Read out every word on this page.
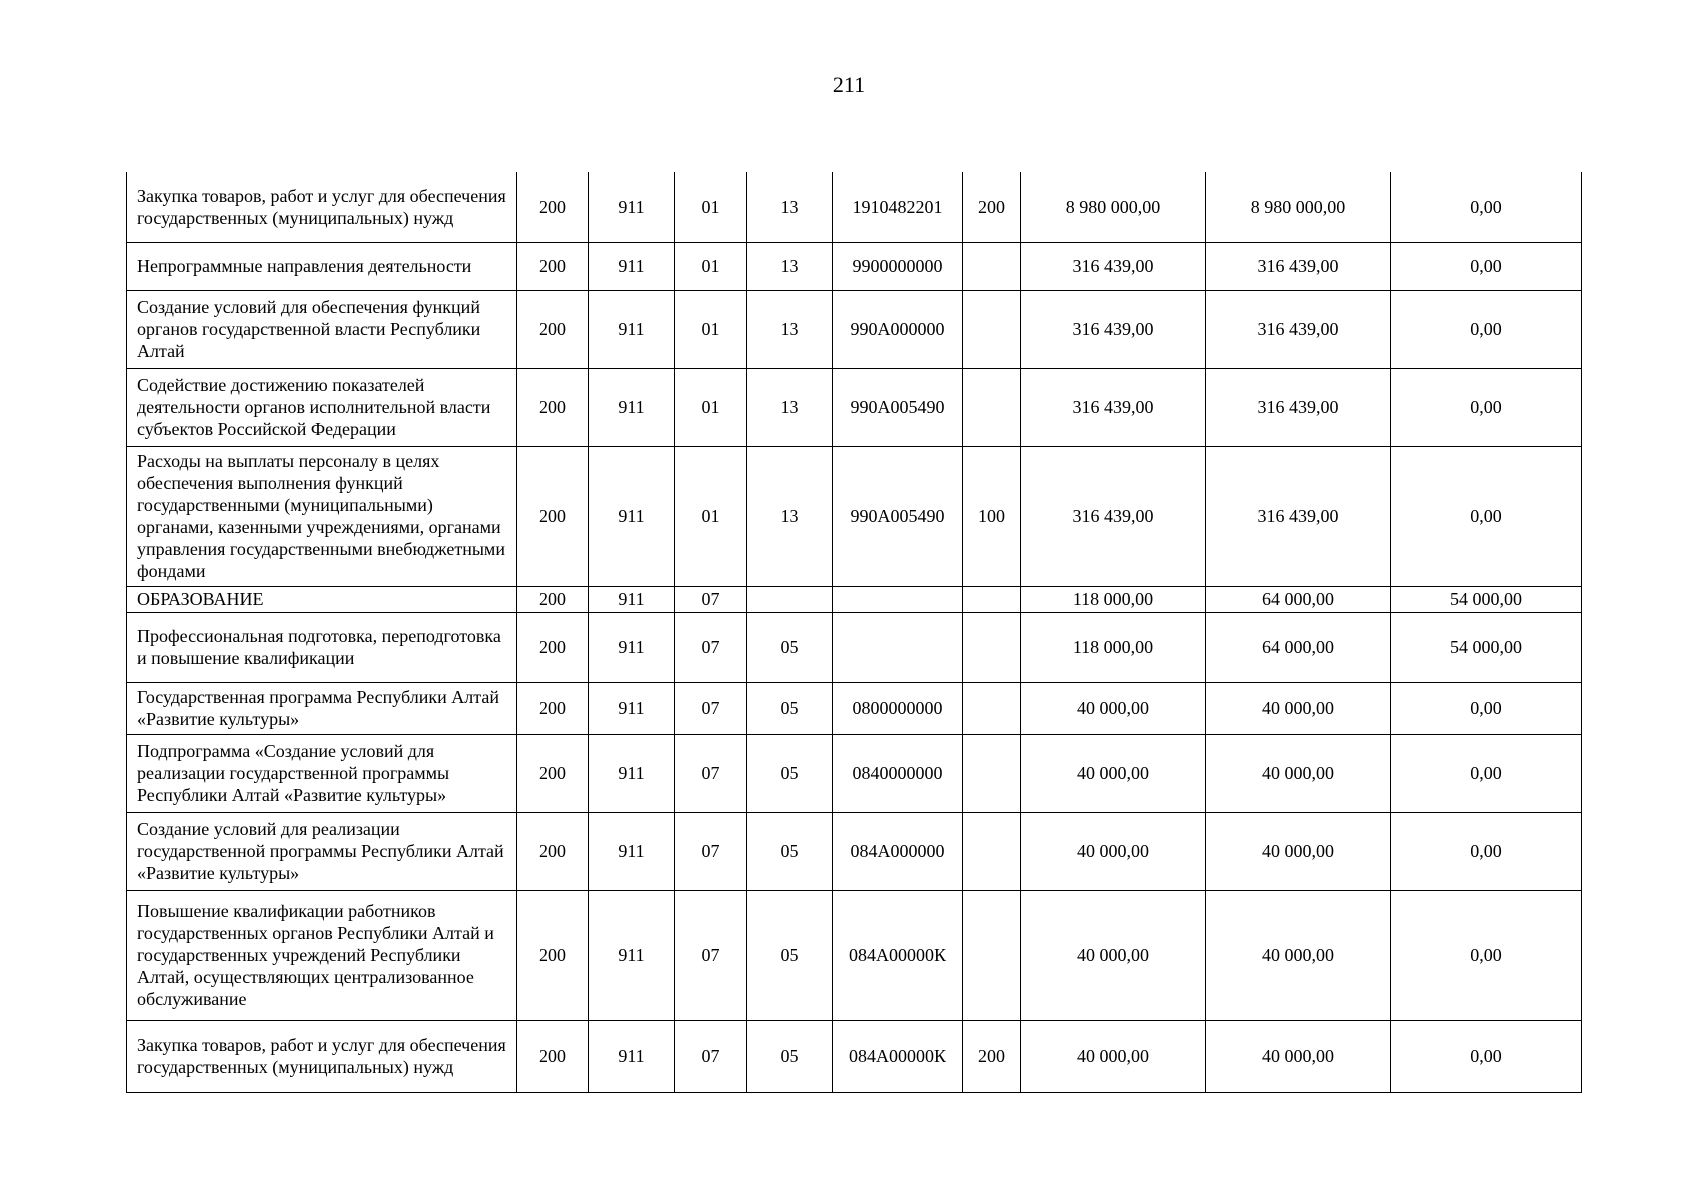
211
Закупка товаров, работ и услуг для обеспечения государственных (муниципальных) нужд	200	911	01	13	1910482201	200	8 980 000,00	8 980 000,00	0,00
Непрограммные направления деятельности	200	911	01	13	9900000000		316 439,00	316 439,00	0,00
Создание условий для обеспечения функций органов государственной власти Республики Алтай	200	911	01	13	990А000000		316 439,00	316 439,00	0,00
Содействие достижению показателей деятельности органов исполнительной власти субъектов Российской Федерации	200	911	01	13	990А005490		316 439,00	316 439,00	0,00
Расходы на выплаты персоналу в целях обеспечения выполнения функций государственными (муниципальными) органами, казенными учреждениями, органами управления государственными внебюджетными фондами	200	911	01	13	990А005490	100	316 439,00	316 439,00	0,00
ОБРАЗОВАНИЕ	200	911	07				118 000,00	64 000,00	54 000,00
Профессиональная подготовка, переподготовка и повышение квалификации	200	911	07	05			118 000,00	64 000,00	54 000,00
Государственная программа Республики Алтай «Развитие культуры»	200	911	07	05	0800000000		40 000,00	40 000,00	0,00
Подпрограмма «Создание условий для реализации государственной программы Республики Алтай «Развитие культуры»	200	911	07	05	0840000000		40 000,00	40 000,00	0,00
Создание условий для реализации государственной программы Республики Алтай «Развитие культуры»	200	911	07	05	084А000000		40 000,00	40 000,00	0,00
Повышение квалификации работников государственных органов Республики Алтай и государственных учреждений Республики Алтай, осуществляющих централизованное обслуживание	200	911	07	05	084А00000К		40 000,00	40 000,00	0,00
Закупка товаров, работ и услуг для обеспечения государственных (муниципальных) нужд	200	911	07	05	084А00000К	200	40 000,00	40 000,00	0,00
